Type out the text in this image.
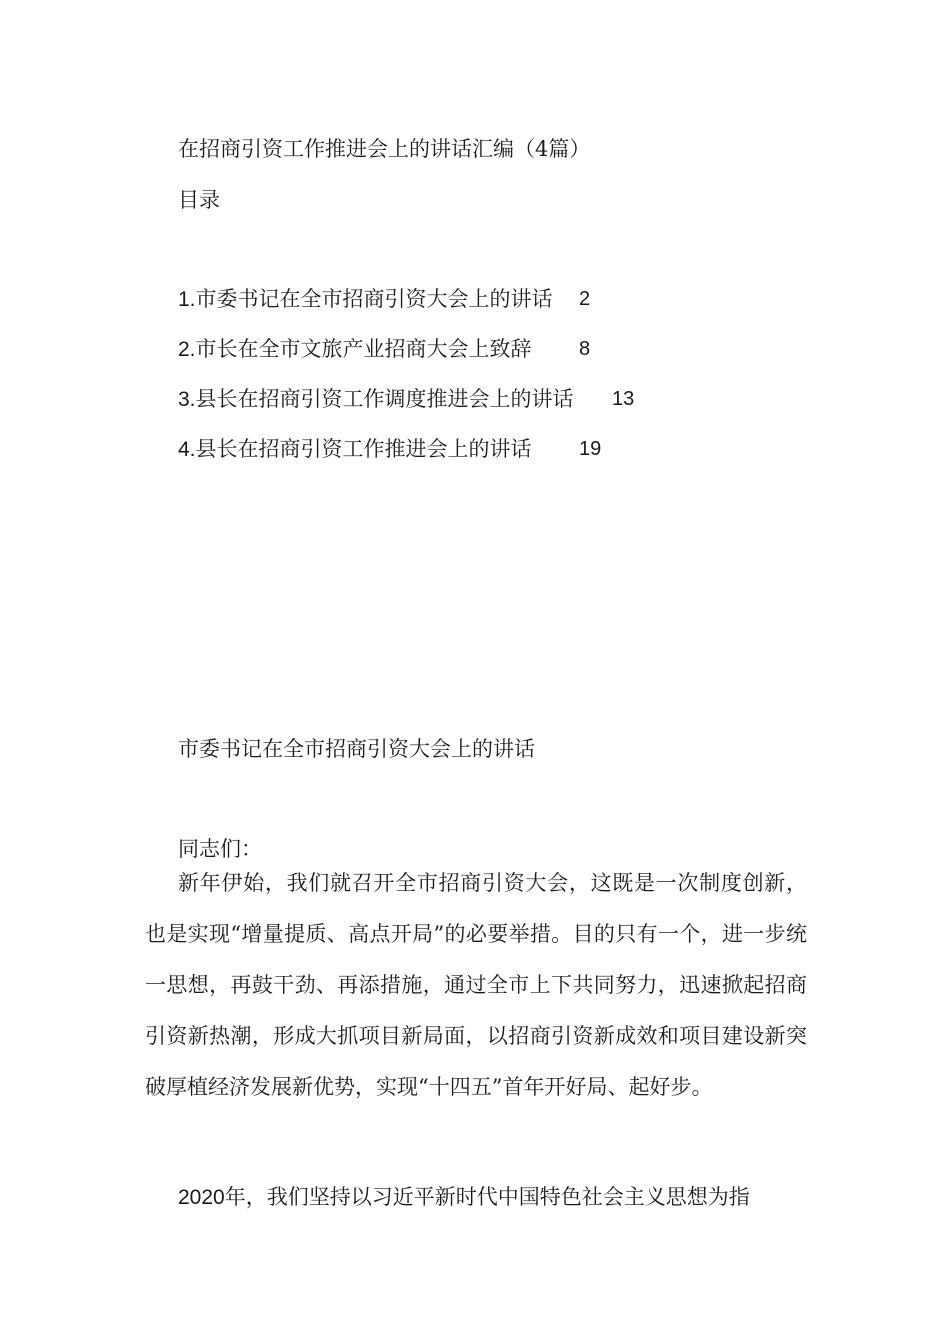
在招商引资工作推进会上的讲话汇编（4篇）
目录
1.市委书记在全市招商引资大会上的讲话 2
2.市长在全市文旅产业招商大会上致辞 8
3.县长在招商引资工作调度推进会上的讲话 13
4.县长在招商引资工作推进会上的讲话 19
市委书记在全市招商引资大会上的讲话
同志们：
新年伊始，我们就召开全市招商引资大会，这既是一次制度创新，也是实现“增量提质、高点开局”的必要举措。目的只有一个，进一步统一思想，再鼓干劲、再添措施，通过全市上下共同努力，迅速掀起招商引资新热潮，形成大抓项目新局面，以招商引资新成效和项目建设新突破厚植经济发展新优势，实现“十四五”首年开好局、起好步。
2020年，我们坚持以习近平新时代中国特色社会主义思想为指
